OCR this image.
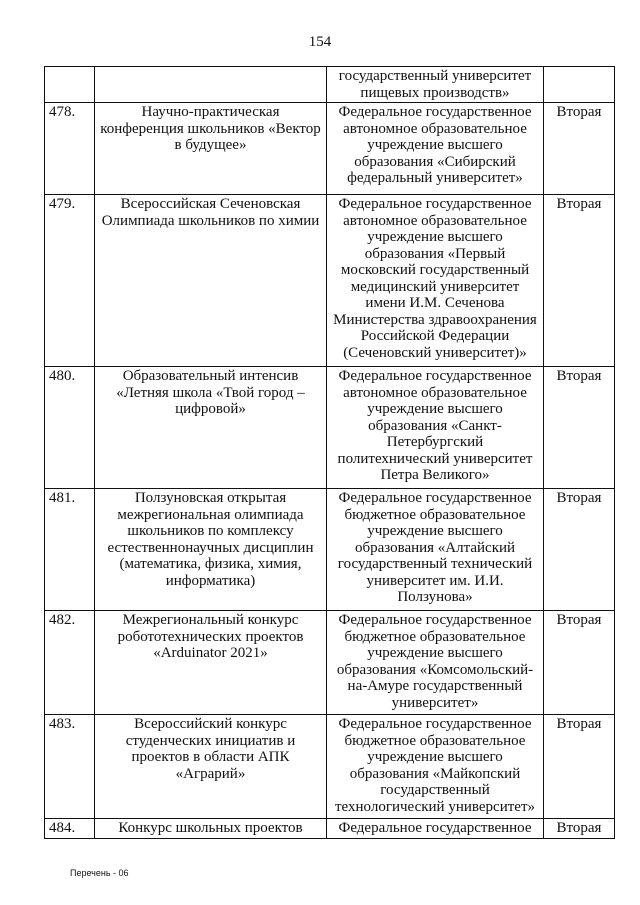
154
		государственный университет пищевых производств»	
478.	Научно-практическая конференция школьников «Вектор в будущее»	Федеральное государственное автономное образовательное учреждение высшего образования «Сибирский федеральный университет»	Вторая
479.	Всероссийская Сеченовская Олимпиада школьников по химии	Федеральное государственное автономное образовательное учреждение высшего образования «Первый московский государственный медицинский университет имени И.М. Сеченова Министерства здравоохранения Российской Федерации (Сеченовский университет)»	Вторая
480.	Образовательный интенсив «Летняя школа «Твой город – цифровой»	Федеральное государственное автономное образовательное учреждение высшего образования «Санкт-Петербургский политехнический университет Петра Великого»	Вторая
481.	Ползуновская открытая межрегиональная олимпиада школьников по комплексу естественнонаучных дисциплин (математика, физика, химия, информатика)	Федеральное государственное бюджетное образовательное учреждение высшего образования «Алтайский государственный технический университет им. И.И. Ползунова»	Вторая
482.	Межрегиональный конкурс робототехнических проектов «Arduinator 2021»	Федеральное государственное бюджетное образовательное учреждение высшего образования «Комсомольский-на-Амуре государственный университет»	Вторая
483.	Всероссийский конкурс студенческих инициатив и проектов в области АПК «Аграрий»	Федеральное государственное бюджетное образовательное учреждение высшего образования «Майкопский государственный технологический университет»	Вторая
484.	Конкурс школьных проектов	Федеральное государственное	Вторая
Перечень - 06
